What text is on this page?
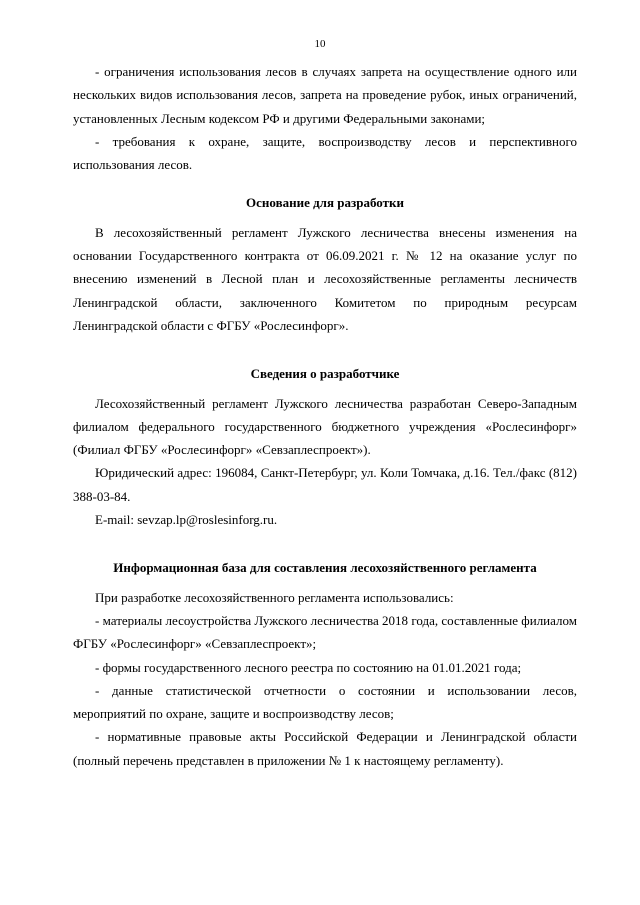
10

- ограничения использования лесов в случаях запрета на осуществление одного или нескольких видов использования лесов, запрета на проведение рубок, иных ограничений, установленных Лесным кодексом РФ и другими Федеральными законами;

- требования к охране, защите, воспроизводству лесов и перспективного использования лесов.

Основание для разработки

В лесохозяйственный регламент Лужского лесничества внесены изменения на основании Государственного контракта от 06.09.2021 г. № 12 на оказание услуг по внесению изменений в Лесной план и лесохозяйственные регламенты лесничеств Ленинградской области, заключенного Комитетом по природным ресурсам Ленинградской области с ФГБУ «Рослесинфорг».

Сведения о разработчике

Лесохозяйственный регламент Лужского лесничества разработан Северо-Западным филиалом федерального государственного бюджетного учреждения «Рослесинфорг» (Филиал ФГБУ «Рослесинфорг» «Севзаплеспроект»).

Юридический адрес: 196084, Санкт-Петербург, ул. Коли Томчака, д.16. Тел./факс (812) 388-03-84.

E-mail: sevzap.lp@roslesinforg.ru.

Информационная база для составления лесохозяйственного регламента

При разработке лесохозяйственного регламента использовались:

- материалы лесоустройства Лужского лесничества 2018 года, составленные филиалом ФГБУ «Рослесинфорг» «Севзаплеспроект»;

- формы государственного лесного реестра по состоянию на 01.01.2021 года;

- данные статистической отчетности о состоянии и использовании лесов, мероприятий по охране, защите и воспроизводству лесов;

- нормативные правовые акты Российской Федерации и Ленинградской области (полный перечень представлен в приложении № 1 к настоящему регламенту).
